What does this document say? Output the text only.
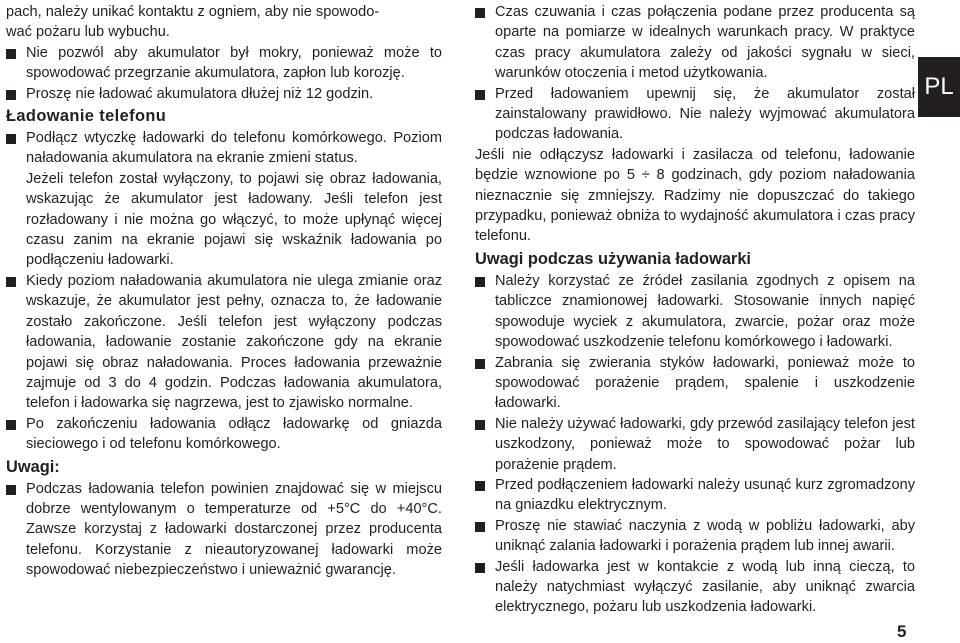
pach, należy unikać kontaktu z ogniem, aby nie spowodo-

wać pożaru lub wybuchu.

Nie pozwól aby akumulator był mokry, ponieważ może to spowodować przegrzanie akumulatora, zapłon lub korozję.
Proszę nie ładować akumulatora dłużej niż 12 godzin.
Ładowanie telefonu
Podłącz wtyczkę ładowarki do telefonu komórkowego. Poziom naładowania akumulatora na ekranie zmieni status.

Jeżeli telefon został wyłączony, to pojawi się obraz ładowania, wskazując że akumulator jest ładowany. Jeśli telefon jest rozładowany i nie można go włączyć, to może upłynąć więcej czasu zanim na ekranie pojawi się wskaźnik ładowania po podłączeniu ładowarki.

Kiedy poziom naładowania akumulatora nie ulega zmianie oraz wskazuje, że akumulator jest pełny, oznacza to, że ładowanie zostało zakończone. Jeśli telefon jest wyłączony podczas ładowania, ładowanie zostanie zakończone gdy na ekranie pojawi się obraz naładowania. Proces ładowania przeważnie zajmuje od 3 do 4 godzin. Podczas ładowania akumulatora, telefon i ładowarka się nagrzewa, jest to zjawisko normalne.
Po zakończeniu ładowania odłącz ładowarkę od gniazda sieciowego i od telefonu komórkowego.
Uwagi:
Podczas ładowania telefon powinien znajdować się w miejscu dobrze wentylowanym o temperaturze od +5°C do +40°C. Zawsze korzystaj z ładowarki dostarczonej przez producenta telefonu. Korzystanie z nieautoryzowanej ładowarki może spowodować niebezpieczeństwo i unieważnić gwarancję.
Czas czuwania i czas połączenia podane przez producenta są oparte na pomiarze w idealnych warunkach pracy. W praktyce czas pracy akumulatora zależy od jakości sygnału w sieci, warunków otoczenia i metod użytkowania.
Przed ładowaniem upewnij się, że akumulator został zainstalowany prawidłowo. Nie należy wyjmować akumulatora podczas ładowania.

Jeśli nie odłączysz ładowarki i zasilacza od telefonu, ładowanie będzie wznowione po 5 ÷ 8 godzinach, gdy poziom naładowania nieznacznie się zmniejszy. Radzimy nie dopuszczać do takiego przypadku, ponieważ obniża to wydajność akumulatora i czas pracy telefonu.

Uwagi podczas używania ładowarki
Należy korzystać ze źródeł zasilania zgodnych z opisem na tabliczce znamionowej ładowarki. Stosowanie innych napięć spowoduje wyciek z akumulatora, zwarcie, pożar oraz może spowodować uszkodzenie telefonu komórkowego i ładowarki.
Zabrania się zwierania styków ładowarki, ponieważ może to spowodować porażenie prądem, spalenie i uszkodzenie ładowarki.
Nie należy używać ładowarki, gdy przewód zasilający telefon jest uszkodzony, ponieważ może to spowodować pożar lub porażenie prądem.
Przed podłączeniem ładowarki należy usunąć kurz zgromadzony na gniazdku elektrycznym.
Proszę nie stawiać naczynia z wodą w pobliżu ładowarki, aby uniknąć zalania ładowarki i porażenia prądem lub innej awarii.
Jeśli ładowarka jest w kontakcie z wodą lub inną cieczą, to należy natychmiast wyłączyć zasilanie, aby uniknąć zwarcia elektrycznego, pożaru lub uszkodzenia ładowarki.
PL
5
